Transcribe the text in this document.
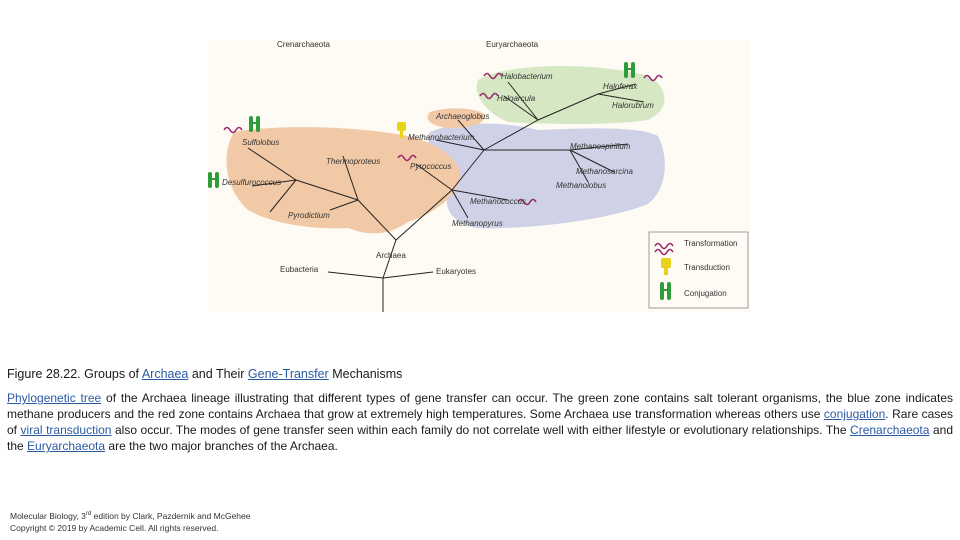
Crenarchaeota	Euryarchaeota
Halobacterium
Haloarcula
Haloferax
Halorubrum
Archaeoglobus
Methanobacterium
Sulfolobus
Thermoproteus
Pyrococcus
Methanospirillum
Methanosarcina
Methanolobus
Desulfurococcus
Methanococcus
Pyrodictium
Methanopyrus
Archaea
Eubacteria	Eukaryotes
Transformation
Transduction
Conjugation
Figure 28.22. Groups of Archaea and Their Gene-Transfer Mechanisms
Phylogenetic tree of the Archaea lineage illustrating that different types of gene transfer can occur. The green zone contains salt tolerant organisms, the blue zone indicates methane producers and the red zone contains Archaea that grow at extremely high temperatures. Some Archaea use transformation whereas others use conjugation. Rare cases of viral transduction also occur. The modes of gene transfer seen within each family do not correlate well with either lifestyle or evolutionary relationships. The Crenarchaeota and the Euryarchaeota are the two major branches of the Archaea.
Molecular Biology, 3rd edition by Clark, Pazdernik and McGehee
Copyright © 2019 by Academic Cell. All rights reserved.
